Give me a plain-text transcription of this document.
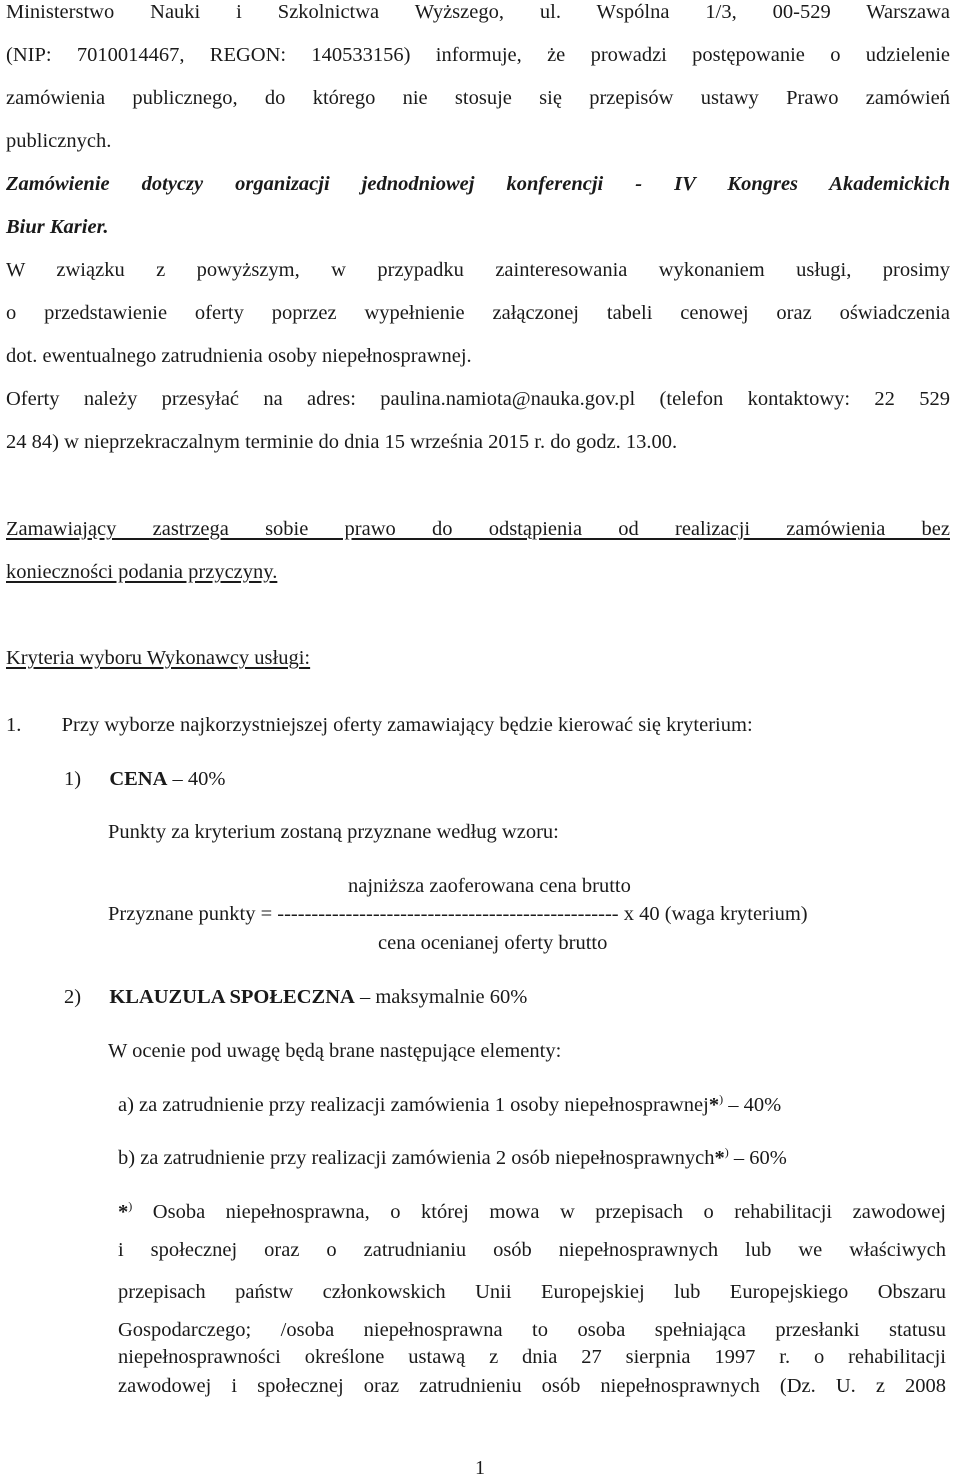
Ministerstwo Nauki i Szkolnictwa Wyższego, ul. Wspólna 1/3, 00-529 Warszawa
(NIP: 7010014467, REGON: 140533156) informuje, że prowadzi postępowanie o udzielenie
zamówienia publicznego, do którego nie stosuje się przepisów ustawy Prawo zamówień
publicznych.
Zamówienie dotyczy organizacji jednodniowej konferencji - IV Kongres Akademickich
Biur Karier.
W związku z powyższym, w przypadku zainteresowania wykonaniem usługi, prosimy
o przedstawienie oferty poprzez wypełnienie załączonej tabeli cenowej oraz oświadczenia
dot. ewentualnego zatrudnienia osoby niepełnosprawnej.
Oferty należy przesyłać na adres: paulina.namiota@nauka.gov.pl (telefon kontaktowy: 22 529
24 84) w nieprzekraczalnym terminie do dnia 15 września 2015 r. do godz. 13.00.
Zamawiający zastrzega sobie prawo do odstąpienia od realizacji zamówienia bez
konieczności podania przyczyny.
Kryteria wyboru Wykonawcy usługi:
1. Przy wyborze najkorzystniejszej oferty zamawiający będzie kierować się kryterium:
1) CENA – 40%
Punkty za kryterium zostaną przyznane według wzoru:
najniższa zaoferowana cena brutto
Przyznane punkty = -------------------------------------------------- x 40 (waga kryterium)
cena ocenianej oferty brutto
2) KLAUZULA SPOŁECZNA – maksymalnie 60%
W ocenie pod uwagę będą brane następujące elementy:
a) za zatrudnienie przy realizacji zamówienia 1 osoby niepełnosprawnej*) – 40%
b) za zatrudnienie przy realizacji zamówienia 2 osób niepełnosprawnych*) – 60%
*) Osoba niepełnosprawna, o której mowa w przepisach o rehabilitacji zawodowej
i społecznej oraz o zatrudnianiu osób niepełnosprawnych lub we właściwych
przepisach państw członkowskich Unii Europejskiej lub Europejskiego Obszaru
Gospodarczego; /osoba niepełnosprawna to osoba spełniająca przesłanki statusu
niepełnosprawności określone ustawą z dnia 27 sierpnia 1997 r. o rehabilitacji
zawodowej i społecznej oraz zatrudnieniu osób niepełnosprawnych (Dz. U. z 2008
1
